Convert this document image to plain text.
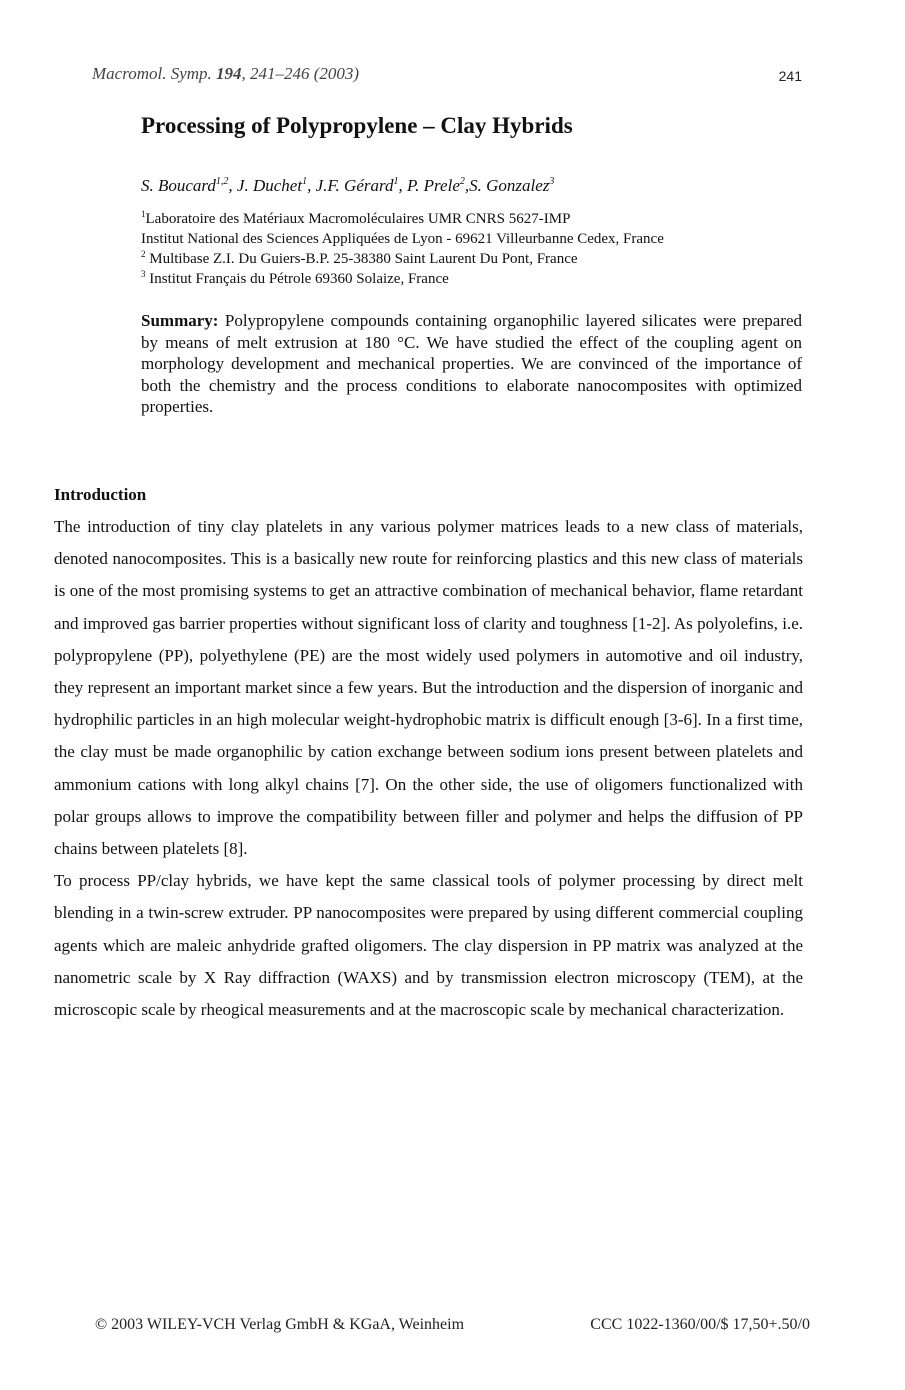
Macromol. Symp. 194, 241–246 (2003)	241
Processing of Polypropylene – Clay Hybrids
S. Boucard$^{1,2}$, J. Duchet$^1$, J.F. Gérard$^1$, P. Prele$^2$,S. Gonzalez$^3$
$^1$Laboratoire des Matériaux Macromoléculaires UMR CNRS 5627-IMP
Institut National des Sciences Appliquées de Lyon - 69621 Villeurbanne Cedex, France
$^2$ Multibase Z.I. Du Guiers-B.P. 25-38380 Saint Laurent Du Pont, France
$^3$ Institut Français du Pétrole 69360 Solaize, France

Summary: Polypropylene compounds containing organophilic layered silicates were prepared by means of melt extrusion at 180 °C. We have studied the effect of the coupling agent on morphology development and mechanical properties. We are convinced of the importance of both the chemistry and the process conditions to elaborate nanocomposites with optimized properties.

Introduction
The introduction of tiny clay platelets in any various polymer matrices leads to a new class of materials, denoted nanocomposites. This is a basically new route for reinforcing plastics and this new class of materials is one of the most promising systems to get an attractive combination of mechanical behavior, flame retardant and improved gas barrier properties without significant loss of clarity and toughness [1-2]. As polyolefins, i.e. polypropylene (PP), polyethylene (PE) are the most widely used polymers in automotive and oil industry, they represent an important market since a few years. But the introduction and the dispersion of inorganic and hydrophilic particles in an high molecular weight-hydrophobic matrix is difficult enough [3-6]. In a first time, the clay must be made organophilic by cation exchange between sodium ions present between platelets and ammonium cations with long alkyl chains [7]. On the other side, the use of oligomers functionalized with polar groups allows to improve the compatibility between filler and polymer and helps the diffusion of PP chains between platelets [8].
To process PP/clay hybrids, we have kept the same classical tools of polymer processing by direct melt blending in a twin-screw extruder. PP nanocomposites were prepared by using different commercial coupling agents which are maleic anhydride grafted oligomers. The clay dispersion in PP matrix was analyzed at the nanometric scale by X Ray diffraction (WAXS) and by transmission electron microscopy (TEM), at the microscopic scale by rheogical measurements and at the macroscopic scale by mechanical characterization.
© 2003 WILEY-VCH Verlag GmbH & KGaA, Weinheim	CCC 1022-1360/00/$ 17,50+.50/0
